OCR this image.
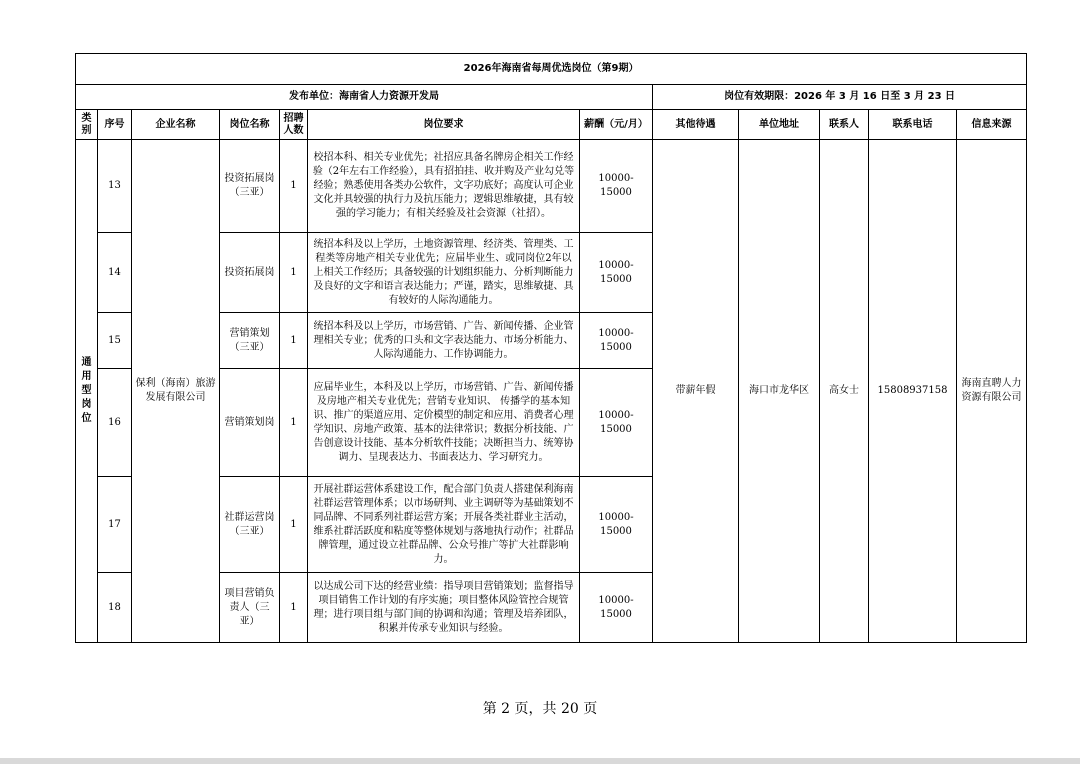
2026年海南省每周优选岗位（第9期）											
发布单位：海南省人力资源开发局							岗位有效期限：2026 年 3 月 16 日至 3 月 23 日				
类别	序号	企业名称	岗位名称	招聘人数	岗位要求	薪酬（元/月）	其他待遇	单位地址	联系人	联系电话	信息来源
通用型岗位	13	保利（海南）旅游发展有限公司	投资拓展岗（三亚）	1	校招本科、相关专业优先；社招应具备名牌房企相关工作经验（2年左右工作经验），具有招拍挂、收并购及产业勾兑等经验；熟悉使用各类办公软件，文字功底好；高度认可企业文化并具较强的执行力及抗压能力；逻辑思维敏捷，具有较强的学习能力；有相关经验及社会资源（社招）。	10000-15000	带薪年假	海口市龙华区	高女士	15808937158	海南直聘人力资源有限公司
	14		投资拓展岗	1	统招本科及以上学历，土地资源管理、经济类、管理类、工程类等房地产相关专业优先；应届毕业生、或同岗位2年以上相关工作经历；具备较强的计划组织能力、分析判断能力及良好的文字和语言表达能力；严谨，踏实，思维敏捷、具有较好的人际沟通能力。	10000-15000					
	15		营销策划（三亚）	1	统招本科及以上学历，市场营销、广告、新闻传播、企业管理相关专业；优秀的口头和文字表达能力、市场分析能力、人际沟通能力、工作协调能力。	10000-15000					
	16		营销策划岗	1	应届毕业生，本科及以上学历，市场营销、广告、新闻传播及房地产相关专业优先；营销专业知识、 传播学的基本知识、推广的渠道应用、定价模型的制定和应用、消费者心理学知识、房地产政策、基本的法律常识；数据分析技能、广告创意设计技能、基本分析软件技能；决断担当力、统筹协调力、呈现表达力、书面表达力、学习研究力。	10000-15000					
	17		社群运营岗（三亚）	1	开展社群运营体系建设工作，配合部门负责人搭建保利海南社群运营管理体系；以市场研判、业主调研等为基础策划不同品牌、不同系列社群运营方案；开展各类社群业主活动，维系社群活跃度和粘度等整体规划与落地执行动作；社群品牌管理，通过设立社群品牌、公众号推广等扩大社群影响力。	10000-15000					
	18		项目营销负责人（三亚）	1	以达成公司下达的经营业绩：指导项目营销策划；监督指导项目销售工作计划的有序实施；项目整体风险管控合规管理；进行项目组与部门间的协调和沟通；管理及培养团队，积累并传承专业知识与经验。	10000-15000					
第 2 页，共 20 页
